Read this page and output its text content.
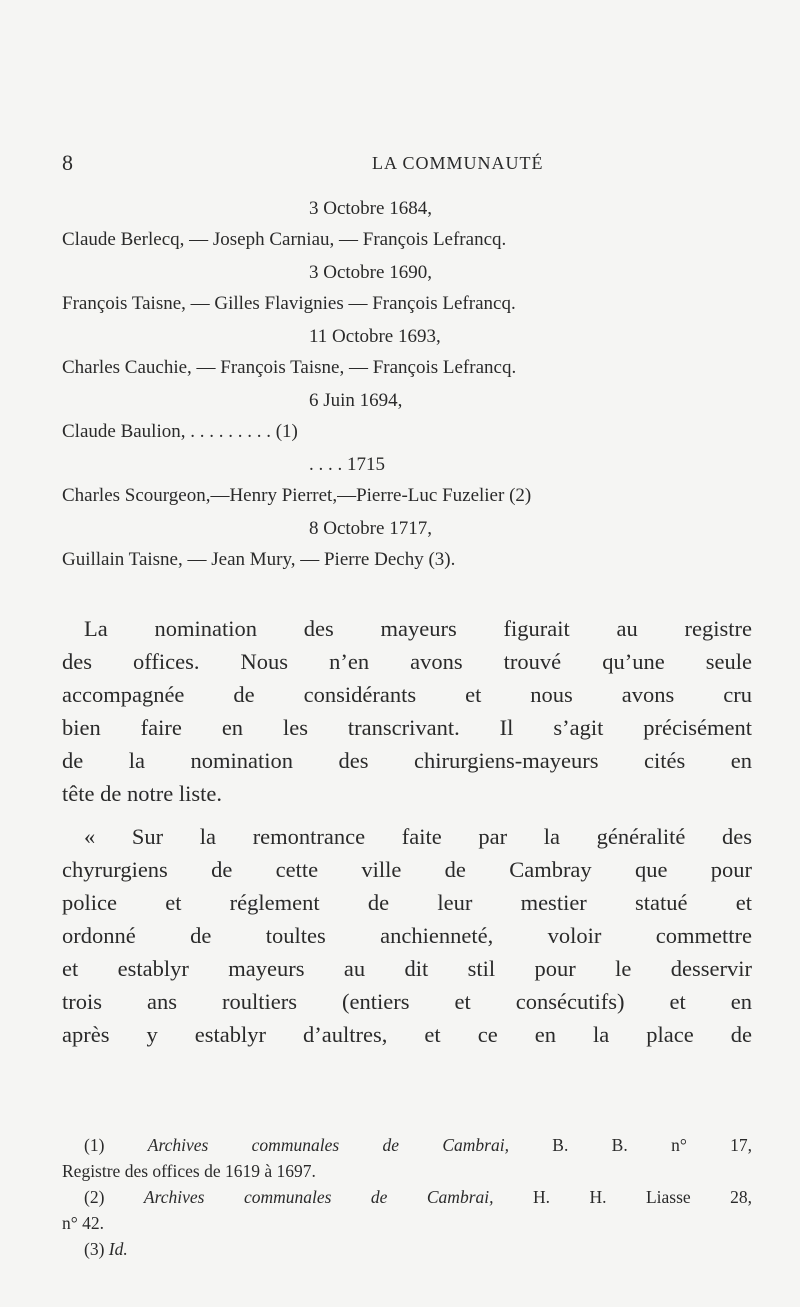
8	LA COMMUNAUTÉ
3 Octobre 1684,
Claude Berlecq, — Joseph Carniau, — François Lefrancq.
3 Octobre 1690,
François Taisne, — Gilles Flavignies — François Lefrancq.
11 Octobre 1693,
Charles Cauchie, — François Taisne, — François Lefrancq.
6 Juin 1694,
Claude Baulion, . . . . . . . . . (1)
. . . . 1715
Charles Scourgeon,—Henry Pierret,—Pierre-Luc Fuzelier (2)
8 Octobre 1717,
Guillain Taisne, — Jean Mury, — Pierre Dechy (3).
La nomination des mayeurs figurait au registre
des offices. Nous n’en avons trouvé qu’une seule
accompagnée de considérants et nous avons cru
bien faire en les transcrivant. Il s’agit précisément
de la nomination des chirurgiens-mayeurs cités en
tête de notre liste.
« Sur la remontrance faite par la généralité des
chyrurgiens de cette ville de Cambray que pour
police et réglement de leur mestier statué et
ordonné de toultes anchienneté, voloir commettre
et establyr mayeurs au dit stil pour le desservir
trois ans roultiers (entiers et consécutifs) et en
après y establyr d’aultres, et ce en la place de
(1) Archives communales de Cambrai, B. B. n° 17,
Registre des offices de 1619 à 1697.
(2) Archives communales de Cambrai, H. H. Liasse 28,
n° 42.
(3) Id.
